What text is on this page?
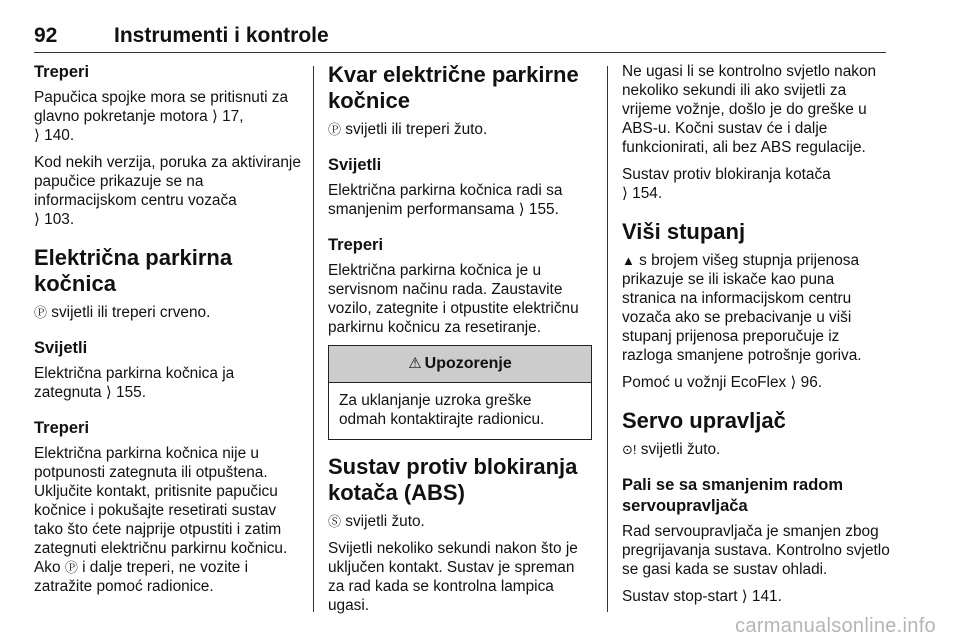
92	Instrumenti i kontrole
Treperi

Papučica spojke mora se pritisnuti za glavno pokretanje motora ⟩ 17,
⟩ 140.

Kod nekih verzija, poruka za aktiviranje papučice prikazuje se na informacijskom centru vozača
⟩ 103.

Električna parkirna kočnica

Ⓟ svijetli ili treperi crveno.

Svijetli

Električna parkirna kočnica ja zategnuta ⟩ 155.

Treperi

Električna parkirna kočnica nije u potpunosti zategnuta ili otpuštena. Uključite kontakt, pritisnite papučicu kočnice i pokušajte resetirati sustav tako što ćete najprije otpustiti i zatim zategnuti električnu parkirnu kočnicu. Ako Ⓟ i dalje treperi, ne vozite i zatražite pomoć radionice.

Kvar električne parkirne kočnice

Ⓟ svijetli ili treperi žuto.

Svijetli

Električna parkirna kočnica radi sa smanjenim performansama ⟩ 155.

Treperi

Električna parkirna kočnica je u servisnom načinu rada. Zaustavite vozilo, zategnite i otpustite električnu parkirnu kočnicu za resetiranje.

⚠ Upozorenje
Za uklanjanje uzroka greške odmah kontaktirajte radionicu.
Sustav protiv blokiranja kotača (ABS)

Ⓢ svijetli žuto.

Svijetli nekoliko sekundi nakon što je uključen kontakt. Sustav je spreman za rad kada se kontrolna lampica ugasi.

Ne ugasi li se kontrolno svjetlo nakon nekoliko sekundi ili ako svijetli za vrijeme vožnje, došlo je do greške u ABS-u. Kočni sustav će i dalje funkcionirati, ali bez ABS regulacije.

Sustav protiv blokiranja kotača
⟩ 154.

Viši stupanj

▲ s brojem višeg stupnja prijenosa prikazuje se ili iskače kao puna stranica na informacijskom centru vozača ako se prebacivanje u viši stupanj prijenosa preporučuje iz razloga smanjene potrošnje goriva.

Pomoć u vožnji EcoFlex ⟩ 96.

Servo upravljač

⊙! svijetli žuto.

Pali se sa smanjenim radom servoupravljača

Rad servoupravljača je smanjen zbog pregrijavanja sustava. Kontrolno svjetlo se gasi kada se sustav ohladi.

Sustav stop-start ⟩ 141.

carmanualsonline.info
